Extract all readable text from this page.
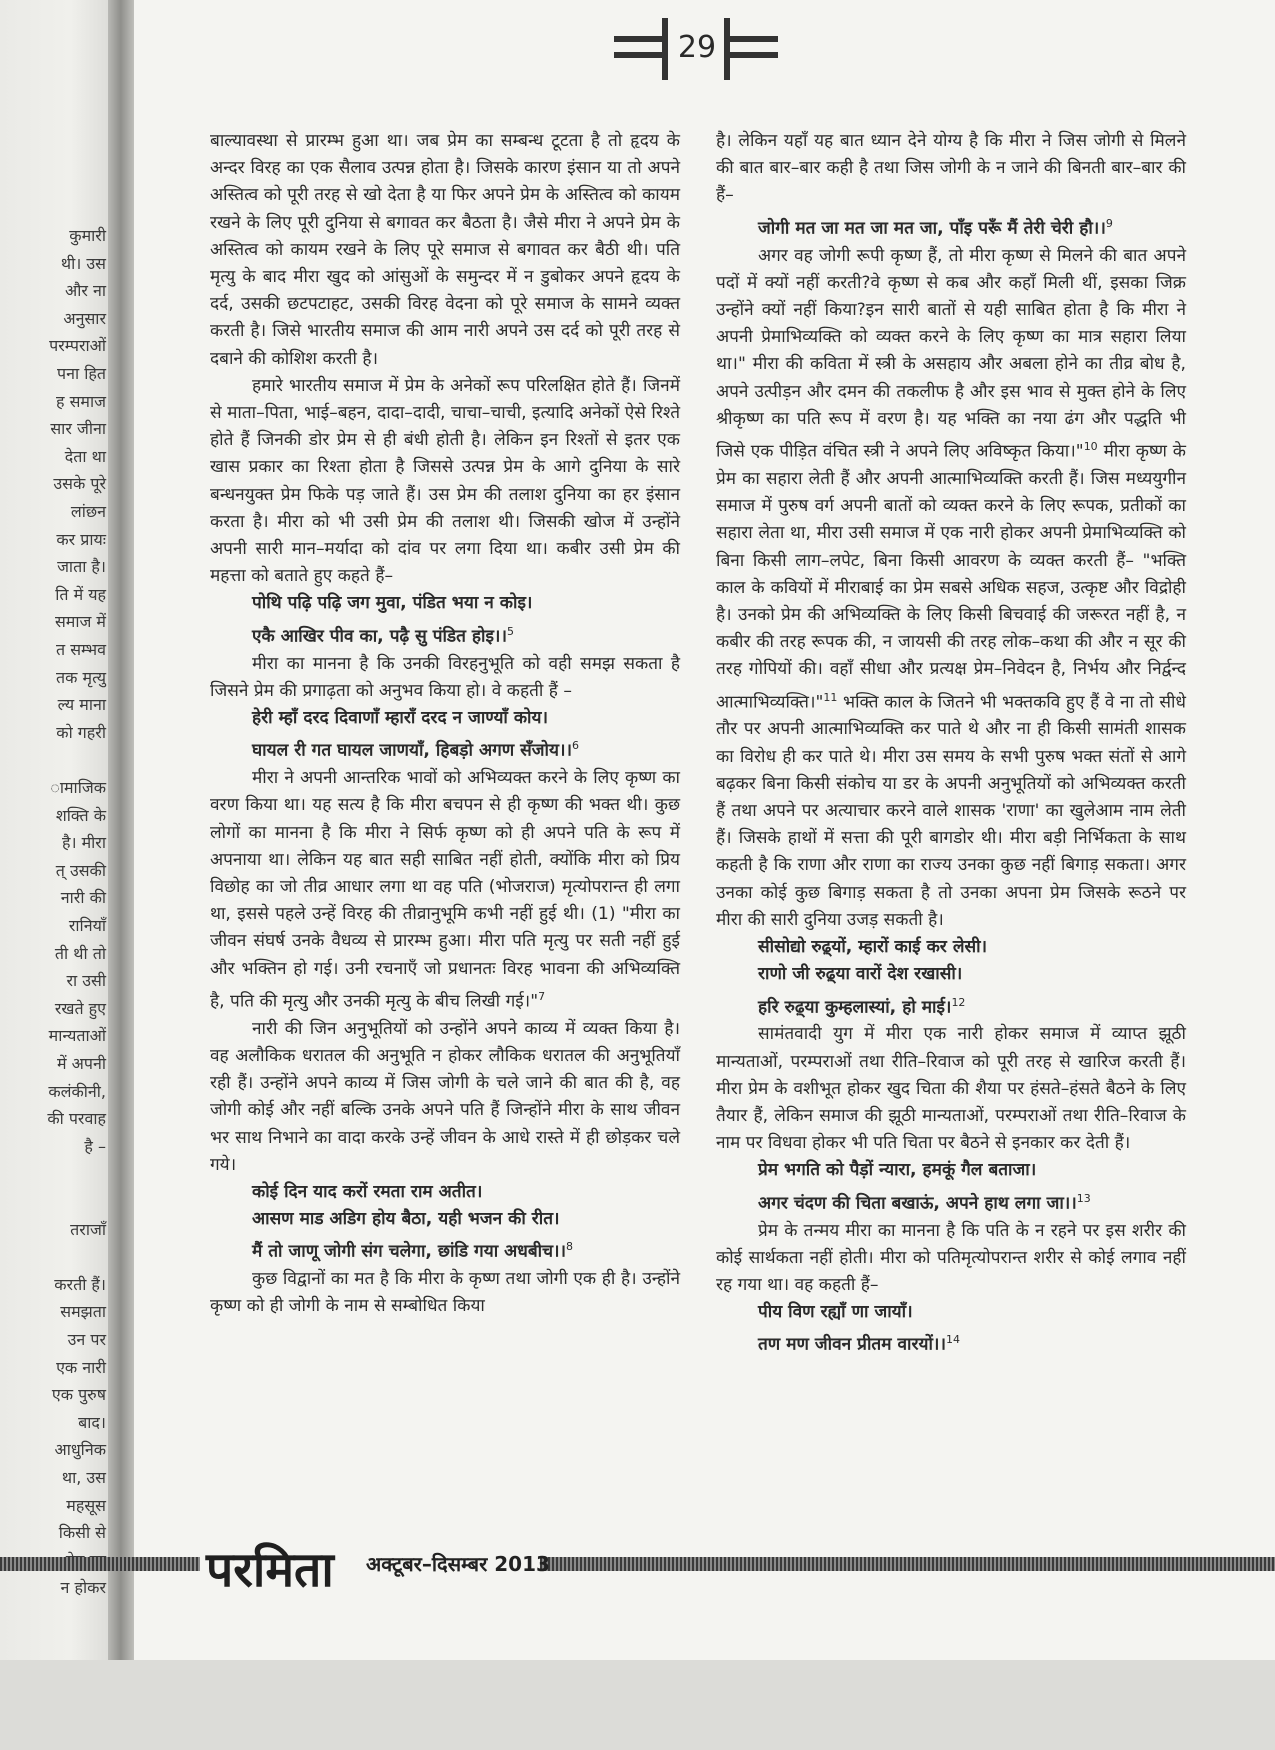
कुमारी
थी। उस
और ना
अनुसार
परम्पराओं
पना हित
ह समाज
सार जीना
देता था
उसके पूरे
लांछन
कर प्रायः
जाता है।
ति में यह
समाज में
त सम्भव
तक मृत्यु
ल्य माना
को गहरी
ामाजिक
शक्ति के
है। मीरा
त् उसकी
नारी की
रानियाँ
ती थी तो
रा उसी
रखते हुए
मान्यताओं
में अपनी
कलंकीनी,
की परवाह
है –
तराजाँ
करती हैं।
समझता
उन पर
एक नारी
एक पुरुष
बाद।
आधुनिक
था, उस
महसूस
किसी से
न होकर
29

बाल्यावस्था से प्रारम्भ हुआ था। जब प्रेम का सम्बन्ध टूटता है तो हृदय के अन्दर विरह का एक सैलाव उत्पन्न होता है। जिसके कारण इंसान या तो अपने अस्तित्व को पूरी तरह से खो देता है या फिर अपने प्रेम के अस्तित्व को कायम रखने के लिए पूरी दुनिया से बगावत कर बैठता है। जैसे मीरा ने अपने प्रेम के अस्तित्व को कायम रखने के लिए पूरे समाज से बगावत कर बैठी थी। पति मृत्यु के बाद मीरा खुद को आंसुओं के समुन्दर में न डुबोकर अपने हृदय के दर्द, उसकी छटपटाहट, उसकी विरह वेदना को पूरे समाज के सामने व्यक्त करती है। जिसे भारतीय समाज की आम नारी अपने उस दर्द को पूरी तरह से दबाने की कोशिश करती है।

हमारे भारतीय समाज में प्रेम के अनेकों रूप परिलक्षित होते हैं। जिनमें से माता–पिता, भाई–बहन, दादा–दादी, चाचा–चाची, इत्यादि अनेकों ऐसे रिश्ते होते हैं जिनकी डोर प्रेम से ही बंधी होती है। लेकिन इन रिश्तों से इतर एक खास प्रकार का रिश्ता होता है जिससे उत्पन्न प्रेम के आगे दुनिया के सारे बन्धनयुक्त प्रेम फिके पड़ जाते हैं। उस प्रेम की तलाश दुनिया का हर इंसान करता है। मीरा को भी उसी प्रेम की तलाश थी। जिसकी खोज में उन्होंने अपनी सारी मान–मर्यादा को दांव पर लगा दिया था। कबीर उसी प्रेम की महत्ता को बताते हुए कहते हैं–

पोथि पढ़ि पढ़ि जग मुवा, पंडित भया न कोइ।

एकै आखिर पीव का, पढ़ै सु पंडित होइ।।$^5$

मीरा का मानना है कि उनकी विरहनुभूति को वही समझ सकता है जिसने प्रेम की प्रगाढ़ता को अनुभव किया हो। वे कहती हैं –

हेरी म्हाँ दरद दिवाणाँ म्हारॉं दरद न जाण्याँ कोय।

घायल री गत घायल जाणयाँ, हिबड़ो अगण सँजोय।।$^6$

मीरा ने अपनी आन्तरिक भावों को अभिव्यक्त करने के लिए कृष्ण का वरण किया था। यह सत्य है कि मीरा बचपन से ही कृष्ण की भक्त थी। कुछ लोगों का मानना है कि मीरा ने सिर्फ कृष्ण को ही अपने पति के रूप में अपनाया था। लेकिन यह बात सही साबित नहीं होती, क्योंकि मीरा को प्रिय विछोह का जो तीव्र आधार लगा था वह पति (भोजराज) मृत्योपरान्त ही लगा था, इससे पहले उन्हें विरह की तीव्रानुभूमि कभी नहीं हुई थी। (1) "मीरा का जीवन संघर्ष उनके वैधव्य से प्रारम्भ हुआ। मीरा पति मृत्यु पर सती नहीं हुई और भक्तिन हो गई। उनी रचनाएँ जो प्रधानतः विरह भावना की अभिव्यक्ति है, पति की मृत्यु और उनकी मृत्यु के बीच लिखी गई।"$^7$

नारी की जिन अनुभूतियों को उन्होंने अपने काव्य में व्यक्त किया है। वह अलौकिक धरातल की अनुभूति न होकर लौकिक धरातल की अनुभूतियाँ रही हैं। उन्होंने अपने काव्य में जिस जोगी के चले जाने की बात की है, वह जोगी कोई और नहीं बल्कि उनके अपने पति हैं जिन्होंने मीरा के साथ जीवन भर साथ निभाने का वादा करके उन्हें जीवन के आधे रास्ते में ही छोड़कर चले गये।

कोई दिन याद करों रमता राम अतीत।

आसण माड अडिग होय बैठा, यही भजन की रीत।

मैं तो जाणू जोगी संग चलेगा, छांडि गया अधबीच।।$^8$

कुछ विद्वानों का मत है कि मीरा के कृष्ण तथा जोगी एक ही है। उन्होंने कृष्ण को ही जोगी के नाम से सम्बोधित किया

है। लेकिन यहाँ यह बात ध्यान देने योग्य है कि मीरा ने जिस जोगी से मिलने की बात बार–बार कही है तथा जिस जोगी के न जाने की बिनती बार–बार की हैं–

जोगी मत जा मत जा मत जा, पाँइ परूँ मैं तेरी चेरी हौ।।$^9$

अगर वह जोगी रूपी कृष्ण हैं, तो मीरा कृष्ण से मिलने की बात अपने पदों में क्यों नहीं करती?वे कृष्ण से कब और कहाँ मिली थीं, इसका जिक्र उन्होंने क्यों नहीं किया?इन सारी बातों से यही साबित होता है कि मीरा ने अपनी प्रेमाभिव्यक्ति को व्यक्त करने के लिए कृष्ण का मात्र सहारा लिया था।" मीरा की कविता में स्त्री के असहाय और अबला होने का तीव्र बोध है, अपने उत्पीड़न और दमन की तकलीफ है और इस भाव से मुक्त होने के लिए श्रीकृष्ण का पति रूप में वरण है। यह भक्ति का नया ढंग और पद्धति भी जिसे एक पीड़ित वंचित स्त्री ने अपने लिए अविष्कृत किया।"$^{10}$ मीरा कृष्ण के प्रेम का सहारा लेती हैं और अपनी आत्माभिव्यक्ति करती हैं। जिस मध्ययुगीन समाज में पुरुष वर्ग अपनी बातों को व्यक्त करने के लिए रूपक, प्रतीकों का सहारा लेता था, मीरा उसी समाज में एक नारी होकर अपनी प्रेमाभिव्यक्ति को बिना किसी लाग–लपेट, बिना किसी आवरण के व्यक्त करती हैं– "भक्ति काल के कवियों में मीराबाई का प्रेम सबसे अधिक सहज, उत्कृष्ट और विद्रोही है। उनको प्रेम की अभिव्यक्ति के लिए किसी बिचवाई की जरूरत नहीं है, न कबीर की तरह रूपक की, न जायसी की तरह लोक–कथा की और न सूर की तरह गोपियों की। वहाँ सीधा और प्रत्यक्ष प्रेम–निवेदन है, निर्भय और निर्द्वन्द आत्माभिव्यक्ति।"$^{11}$ भक्ति काल के जितने भी भक्तकवि हुए हैं वे ना तो सीधे तौर पर अपनी आत्माभिव्यक्ति कर पाते थे और ना ही किसी सामंती शासक का विरोध ही कर पाते थे। मीरा उस समय के सभी पुरुष भक्त संतों से आगे बढ़कर बिना किसी संकोच या डर के अपनी अनुभूतियों को अभिव्यक्त करती हैं तथा अपने पर अत्याचार करने वाले शासक 'राणा' का खुलेआम नाम लेती हैं। जिसके हाथों में सत्ता की पूरी बागडोर थी। मीरा बड़ी निर्भिकता के साथ कहती है कि राणा और राणा का राज्य उनका कुछ नहीं बिगाड़ सकता। अगर उनका कोई कुछ बिगाड़ सकता है तो उनका अपना प्रेम जिसके रूठने पर मीरा की सारी दुनिया उजड़ सकती है।

सीसोद्यो रुढ़्यों, म्हारों काई कर लेसी।

राणो जी रुढ़्या वारों देश रखासी।

हरि रुढ़्या कुम्हलास्यां, हो माई।$^{12}$

सामंतवादी युग में मीरा एक नारी होकर समाज में व्याप्त झूठी मान्यताओं, परम्पराओं तथा रीति–रिवाज को पूरी तरह से खारिज करती हैं। मीरा प्रेम के वशीभूत होकर खुद चिता की शैया पर हंसते–हंसते बैठने के लिए तैयार हैं, लेकिन समाज की झूठी मान्यताओं, परम्पराओं तथा रीति–रिवाज के नाम पर विधवा होकर भी पति चिता पर बैठने से इनकार कर देती हैं।

प्रेम भगति को पैड़ों न्यारा, हमकूं गैल बताजा।

अगर चंदण की चिता बखाऊं, अपने हाथ लगा जा।।$^{13}$

प्रेम के तन्मय मीरा का मानना है कि पति के न रहने पर इस शरीर की कोई सार्थकता नहीं होती। मीरा को पतिमृत्योपरान्त शरीर से कोई लगाव नहीं रह गया था। वह कहती हैं–

पीय विण रह्याँ णा जायाँ।

तण मण जीवन प्रीतम वारयों।।$^{14}$

परमिता अक्टूबर–दिसम्बर 2013
